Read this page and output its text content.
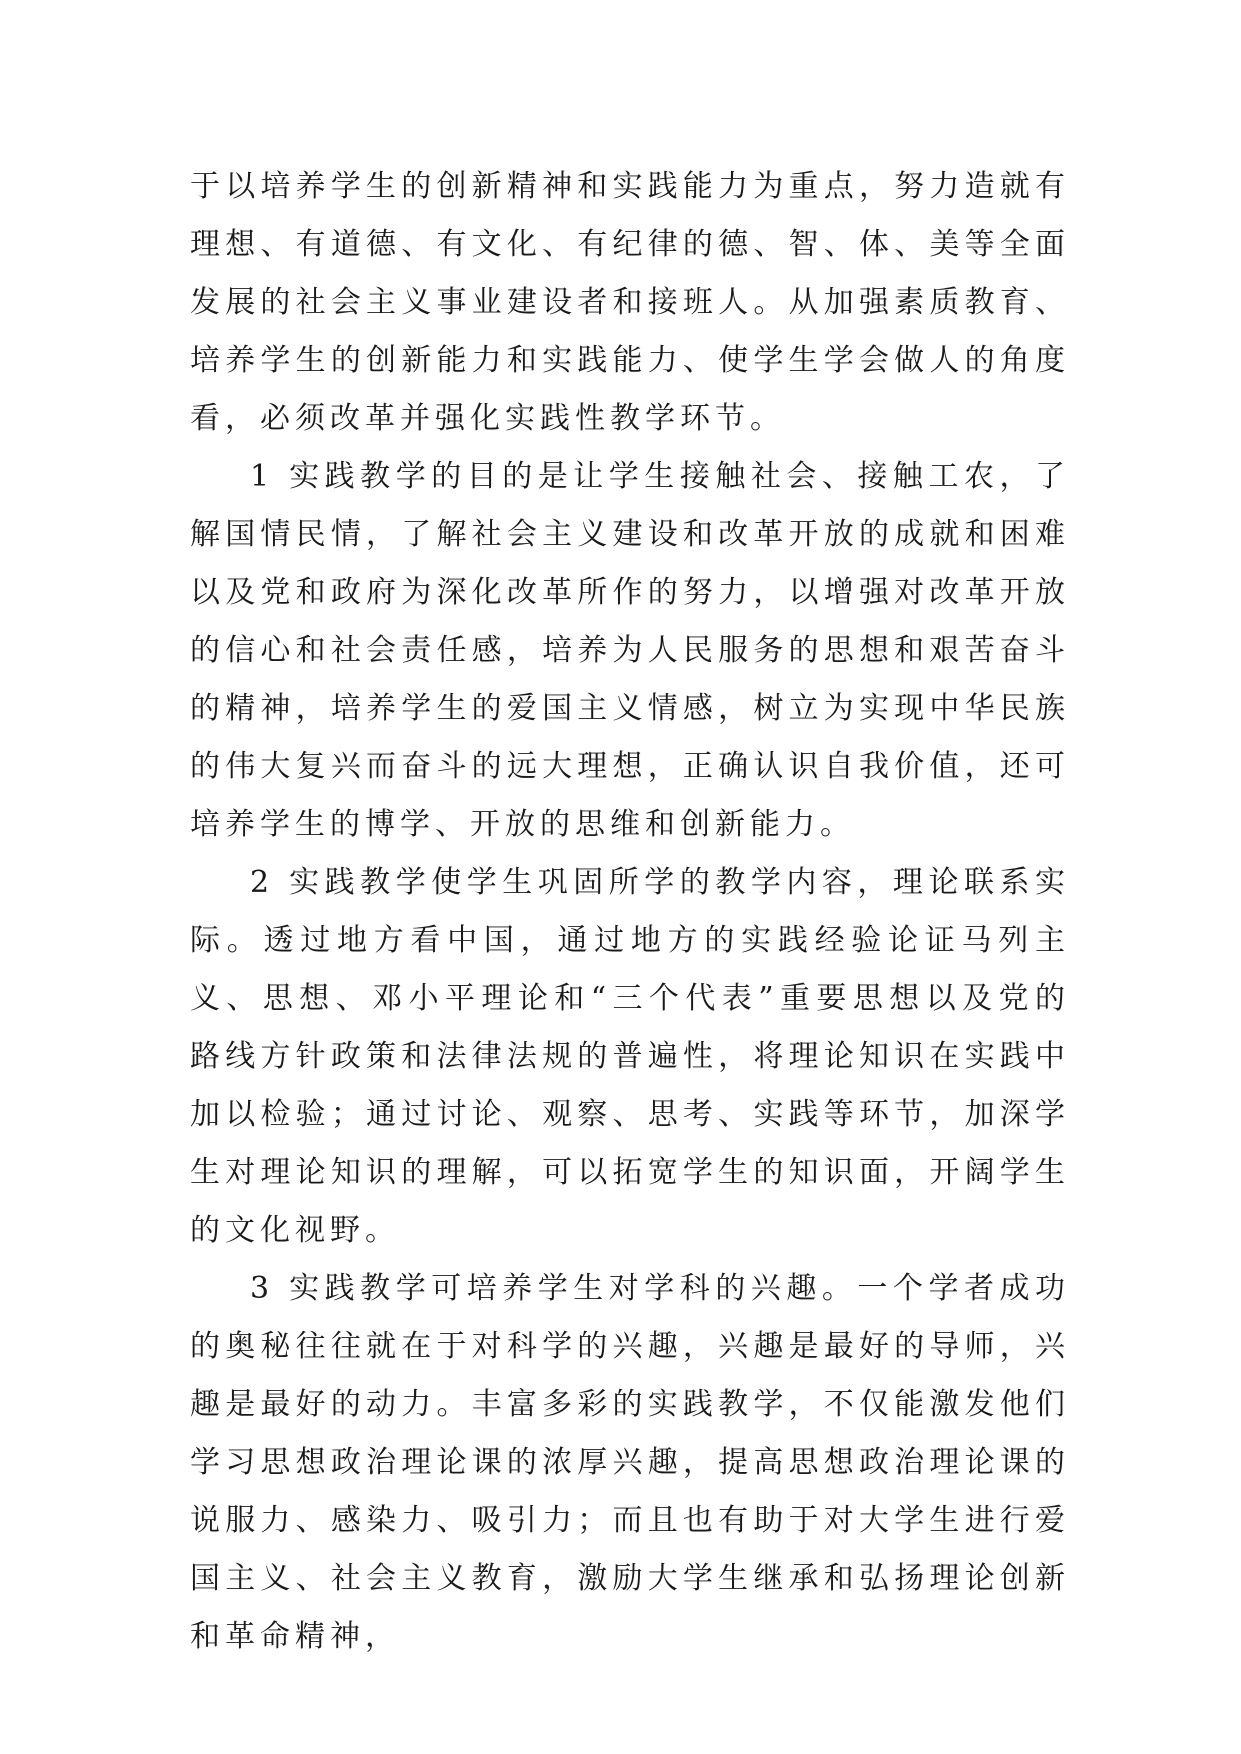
于以培养学生的创新精神和实践能力为重点，努力造就有理想、有道德、有文化、有纪律的德、智、体、美等全面发展的社会主义事业建设者和接班人。从加强素质教育、培养学生的创新能力和实践能力、使学生学会做人的角度看，必须改革并强化实践性教学环节。

1 实践教学的目的是让学生接触社会、接触工农，了解国情民情，了解社会主义建设和改革开放的成就和困难以及党和政府为深化改革所作的努力，以增强对改革开放的信心和社会责任感，培养为人民服务的思想和艰苦奋斗的精神，培养学生的爱国主义情感，树立为实现中华民族的伟大复兴而奋斗的远大理想，正确认识自我价值，还可培养学生的博学、开放的思维和创新能力。

2 实践教学使学生巩固所学的教学内容，理论联系实际。透过地方看中国，通过地方的实践经验论证马列主义、思想、邓小平理论和“三个代表”重要思想以及党的路线方针政策和法律法规的普遍性，将理论知识在实践中加以检验；通过讨论、观察、思考、实践等环节，加深学生对理论知识的理解，可以拓宽学生的知识面，开阔学生的文化视野。

3 实践教学可培养学生对学科的兴趣。一个学者成功的奥秘往往就在于对科学的兴趣，兴趣是最好的导师，兴趣是最好的动力。丰富多彩的实践教学，不仅能激发他们学习思想政治理论课的浓厚兴趣，提高思想政治理论课的说服力、感染力、吸引力；而且也有助于对大学生进行爱国主义、社会主义教育，激励大学生继承和弘扬理论创新和革命精神，
